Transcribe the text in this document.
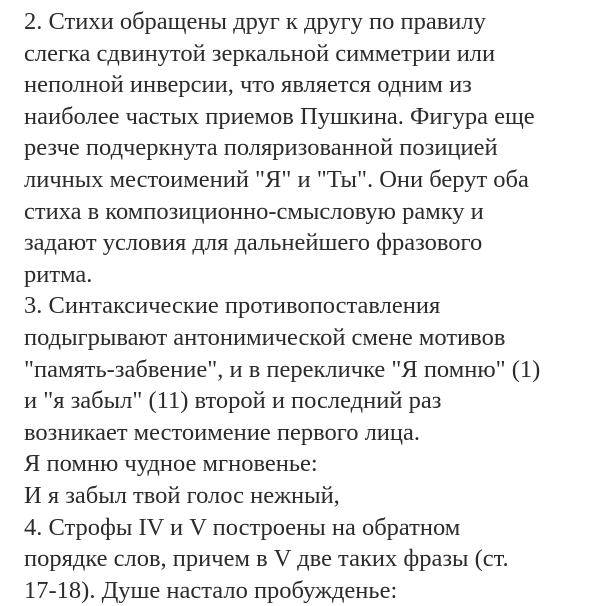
2. Стихи обращены друг к другу по правилу
слегка сдвинутой зеркальной симметрии или
неполной инверсии, что является одним из
наиболее частых приемов Пушкина. Фигура еще
резче подчеркнута поляризованной позицией
личных местоимений "Я" и "Ты". Они берут оба
стиха в композиционно-смысловую рамку и
задают условия для дальнейшего фразового
ритма.
3. Синтаксические противопоставления
подыгрывают антонимической смене мотивов
"память-забвение", и в перекличке "Я помню" (1)
и "я забыл" (11) второй и последний раз
возникает местоимение первого лица.
Я помню чудное мгновенье:
И я забыл твой голос нежный,
4. Строфы IV и V построены на обратном
порядке слов, причем в V две таких фразы (ст.
17-18). Душе настало пробужденье:
